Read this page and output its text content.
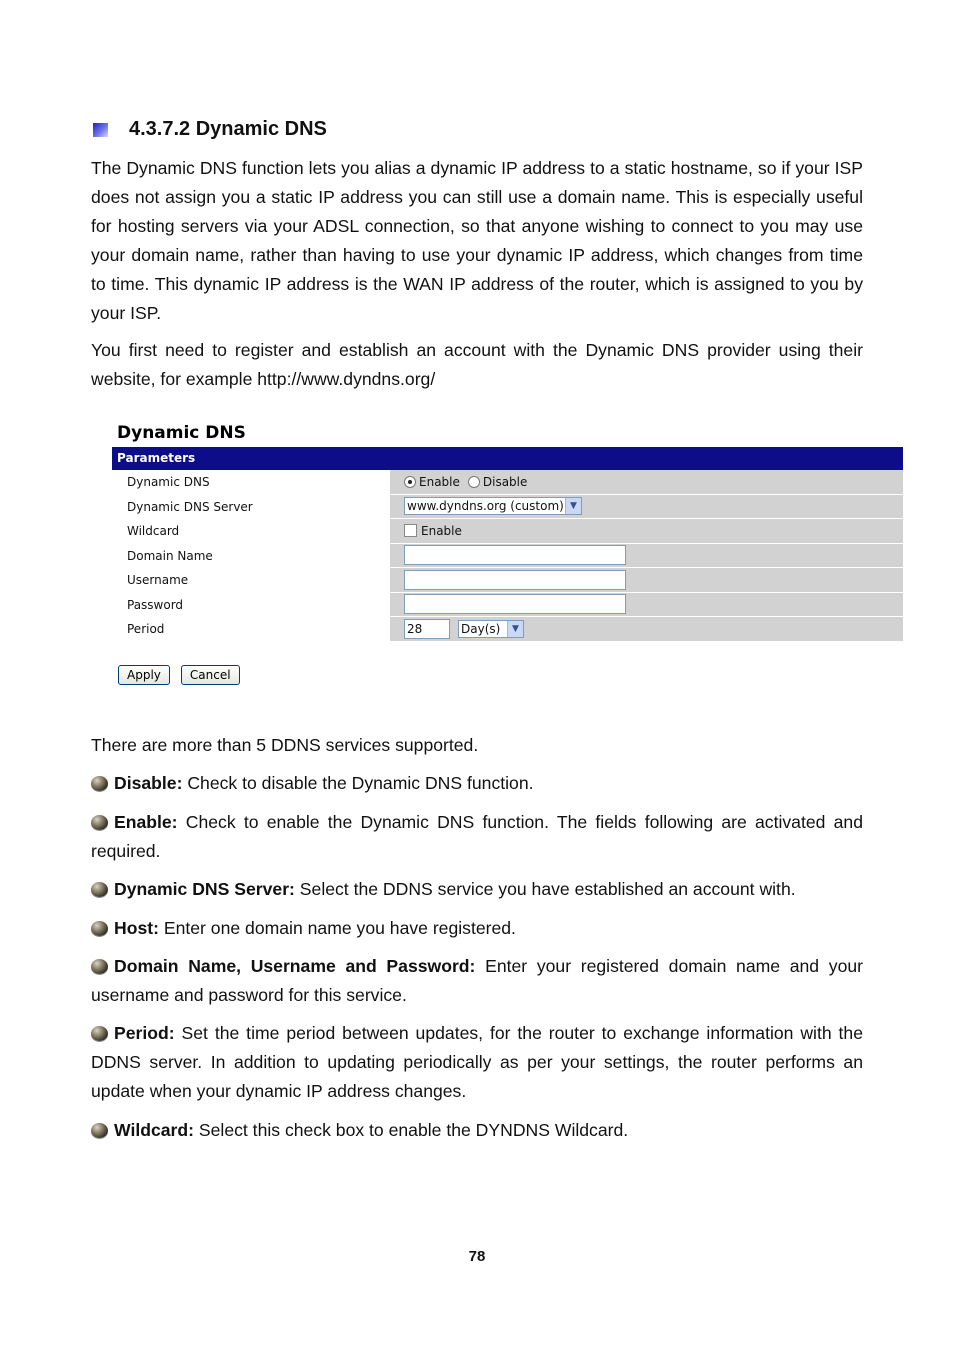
4.3.7.2 Dynamic DNS

The Dynamic DNS function lets you alias a dynamic IP address to a static hostname, so if your ISP does not assign you a static IP address you can still use a domain name. This is especially useful for hosting servers via your ADSL connection, so that anyone wishing to connect to you may use your domain name, rather than having to use your dynamic IP address, which changes from time to time. This dynamic IP address is the WAN IP address of the router, which is assigned to you by your ISP.

You first need to register and establish an account with the Dynamic DNS provider using their website, for example http://www.dyndns.org/

Dynamic DNS
Parameters
Dynamic DNS	Enable Disable
Dynamic DNS Server	www.dyndns.org (custom) ▼
Wildcard	Enable
Domain Name
Username
Password
Period	28	Day(s)	▼
Apply	Cancel

There are more than 5 DDNS services supported.

Disable: Check to disable the Dynamic DNS function.

Enable: Check to enable the Dynamic DNS function. The fields following are activated and required.

Dynamic DNS Server: Select the DDNS service you have established an account with.

Host: Enter one domain name you have registered.

Domain Name, Username and Password: Enter your registered domain name and your username and password for this service.

Period: Set the time period between updates, for the router to exchange information with the DDNS server. In addition to updating periodically as per your settings, the router performs an update when your dynamic IP address changes.

Wildcard: Select this check box to enable the DYNDNS Wildcard.

78
